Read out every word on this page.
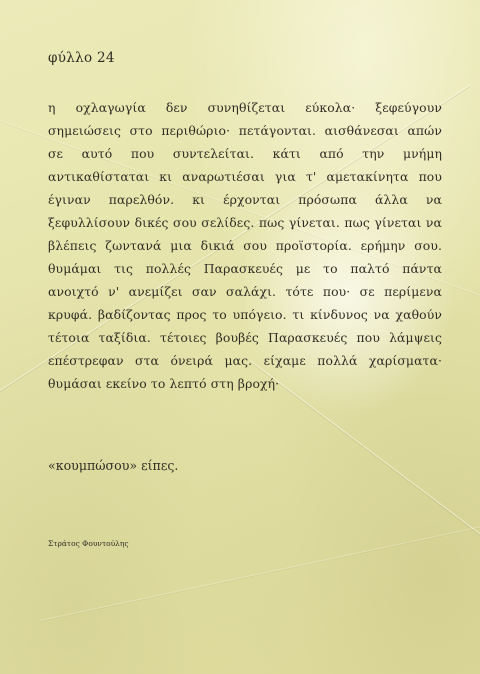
φύλλο 24
η οχλαγωγία δεν συνηθίζεται εύκολα· ξεφεύγουν
σημειώσεις στο περιθώριο· πετάγονται. αισθάνεσαι απών
σε αυτό που συντελείται. κάτι από την μνήμη
αντικαθίσταται κι αναρωτιέσαι για τ' αμετακίνητα που
έγιναν παρελθόν. κι έρχονται πρόσωπα άλλα να
ξεφυλλίσουν δικές σου σελίδες. πως γίνεται. πως γίνεται να
βλέπεις ζωντανά μια δικιά σου προϊστορία. ερήμην σου.
θυμάμαι τις πολλές Παρασκευές με το παλτό πάντα
ανοιχτό ν' ανεμίζει σαν σαλάχι. τότε που· σε περίμενα
κρυφά. βαδίζοντας προς το υπόγειο. τι κίνδυνος να χαθούν
τέτοια ταξίδια. τέτοιες βουβές Παρασκευές που λάμψεις
επέστρεφαν στα όνειρά μας. είχαμε πολλά χαρίσματα·
θυμάσαι εκείνο το λεπτό στη βροχή·

«κουμπώσου» είπες.

Στράτος Φουντούλης
